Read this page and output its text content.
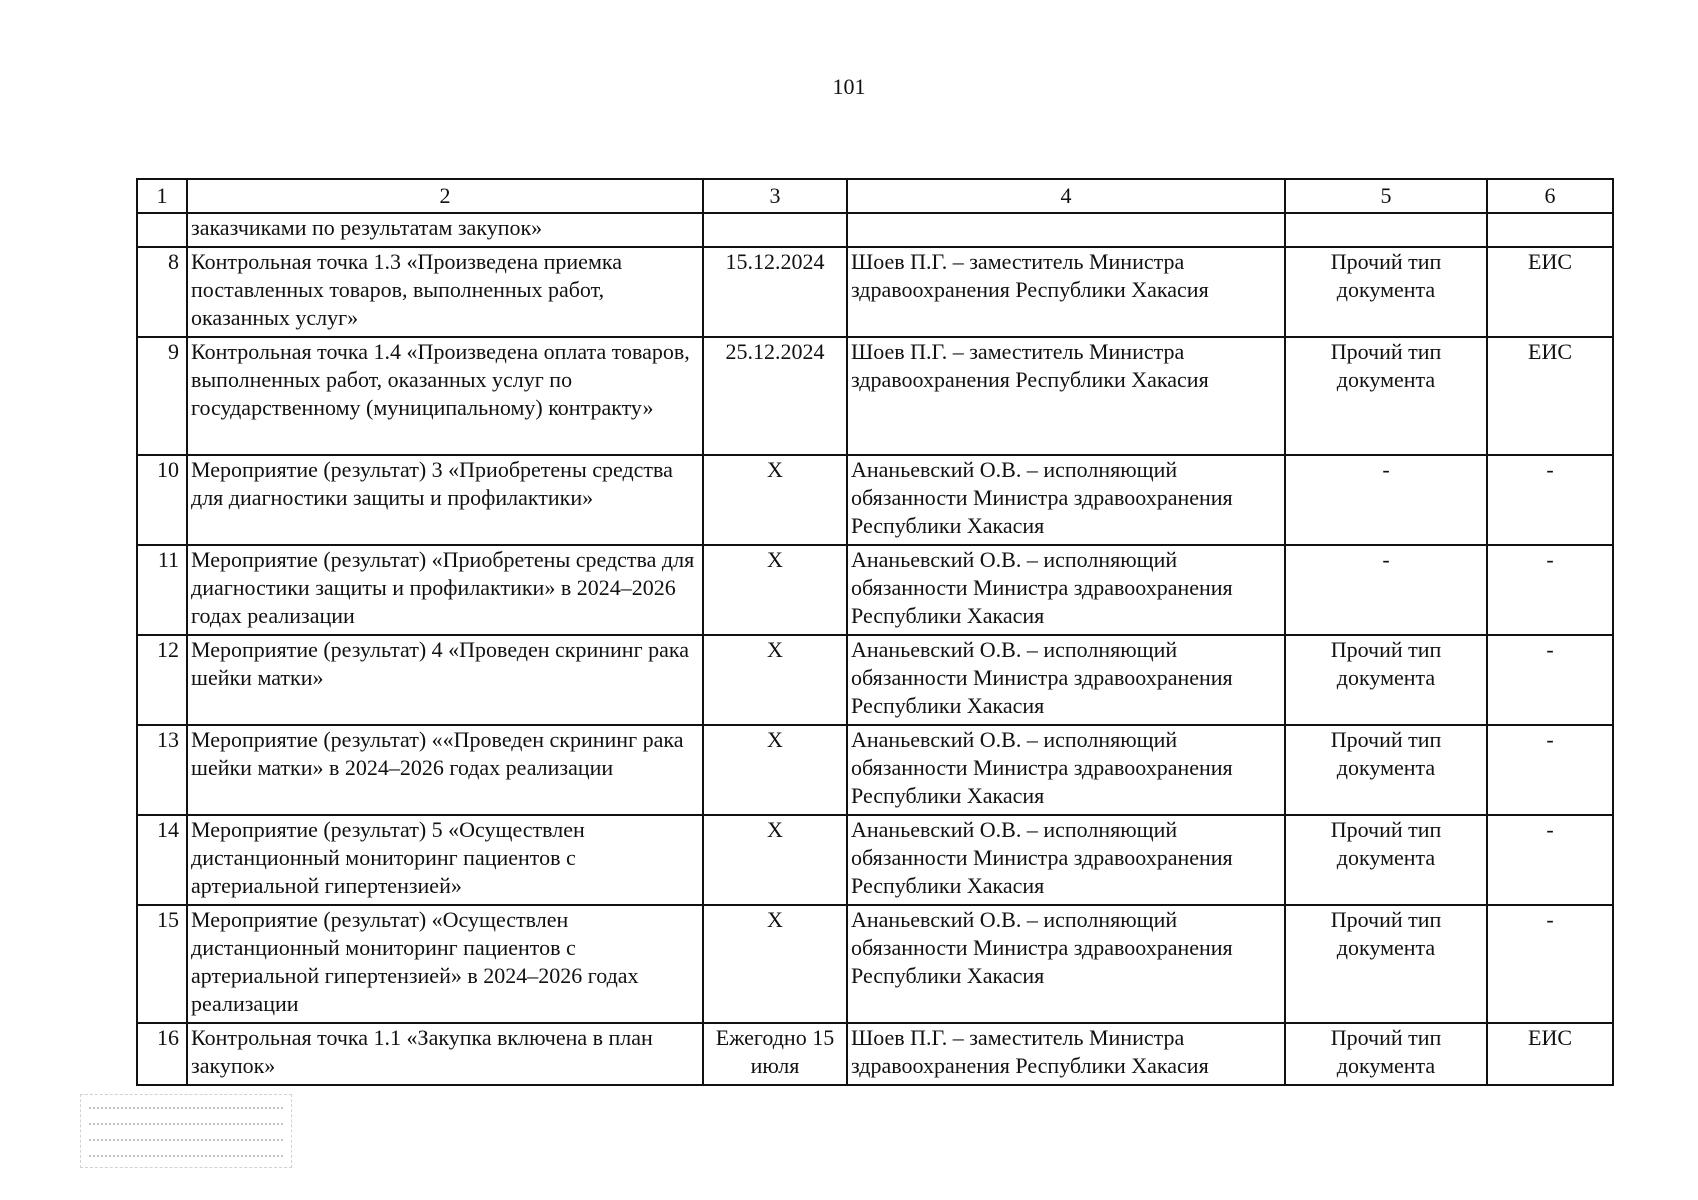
101
1	2	3	4	5	6
	заказчиками по результатам закупок»				
8	Контрольная точка 1.3 «Произведена приемка поставленных товаров, выполненных работ, оказанных услуг»	15.12.2024	Шоев П.Г. – заместитель Министра здравоохранения Республики Хакасия	Прочий тип документа	ЕИС
9	Контрольная точка 1.4 «Произведена оплата товаров, выполненных работ, оказанных услуг по государственному (муниципальному) контракту»	25.12.2024	Шоев П.Г. – заместитель Министра здравоохранения Республики Хакасия	Прочий тип документа	ЕИС
10	Мероприятие (результат) 3 «Приобретены средства для диагностики защиты и профилактики»	Х	Ананьевский О.В. – исполняющий обязанности Министра здравоохранения Республики Хакасия	-	-
11	Мероприятие (результат) «Приобретены средства для диагностики защиты и профилактики» в 2024–2026 годах реализации	Х	Ананьевский О.В. – исполняющий обязанности Министра здравоохранения Республики Хакасия	-	-
12	Мероприятие (результат) 4 «Проведен скрининг рака шейки матки»	Х	Ананьевский О.В. – исполняющий обязанности Министра здравоохранения Республики Хакасия	Прочий тип документа	-
13	Мероприятие (результат) ««Проведен скрининг рака шейки матки» в 2024–2026 годах реализации	Х	Ананьевский О.В. – исполняющий обязанности Министра здравоохранения Республики Хакасия	Прочий тип документа	-
14	Мероприятие (результат) 5 «Осуществлен дистанционный мониторинг пациентов с артериальной гипертензией»	Х	Ананьевский О.В. – исполняющий обязанности Министра здравоохранения Республики Хакасия	Прочий тип документа	-
15	Мероприятие (результат) «Осуществлен дистанционный мониторинг пациентов с артериальной гипертензией» в 2024–2026 годах реализации	Х	Ананьевский О.В. – исполняющий обязанности Министра здравоохранения Республики Хакасия	Прочий тип документа	-
16	Контрольная точка 1.1 «Закупка включена в план закупок»	Ежегодно 15 июля	Шоев П.Г. – заместитель Министра здравоохранения Республики Хакасия	Прочий тип документа	ЕИС
